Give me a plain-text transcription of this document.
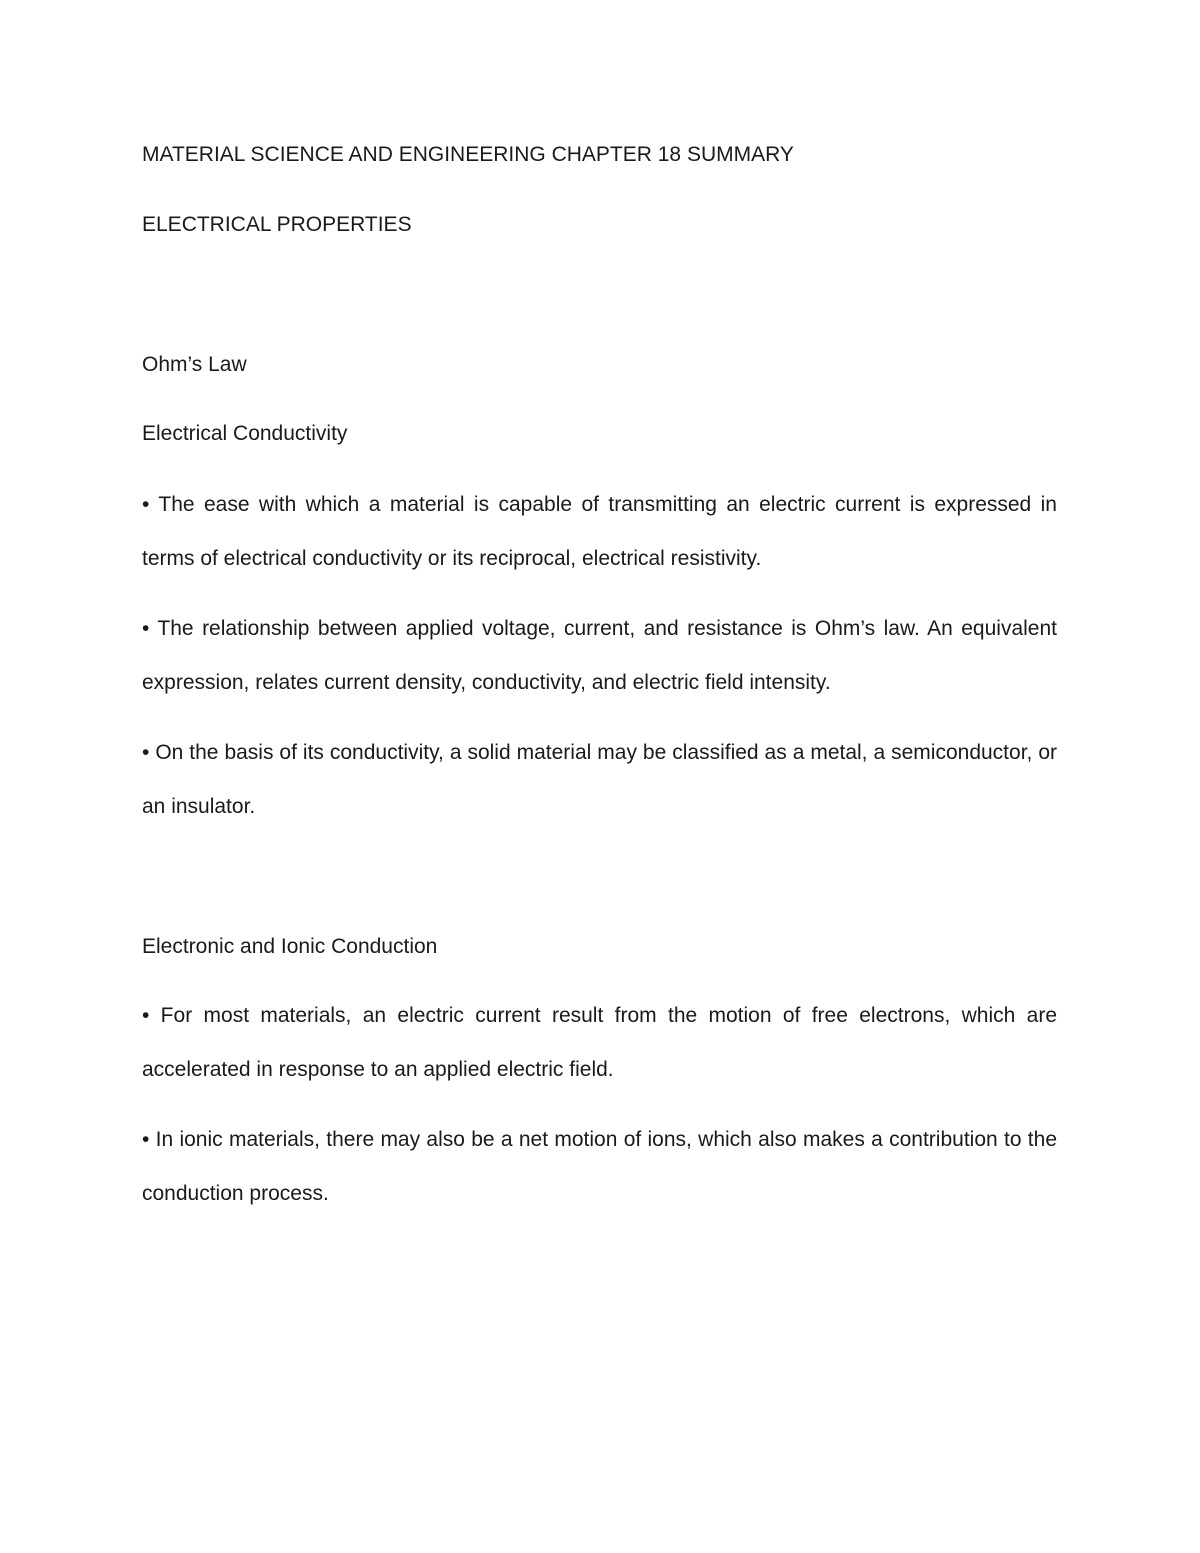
MATERIAL SCIENCE AND ENGINEERING CHAPTER 18 SUMMARY
ELECTRICAL PROPERTIES
Ohm’s Law
Electrical Conductivity

• The ease with which a material is capable of transmitting an electric current is expressed in terms of electrical conductivity or its reciprocal, electrical resistivity.

• The relationship between applied voltage, current, and resistance is Ohm’s law. An equivalent expression, relates current density, conductivity, and electric field intensity.

• On the basis of its conductivity, a solid material may be classified as a metal, a semiconductor, or an insulator.

Electronic and Ionic Conduction

• For most materials, an electric current result from the motion of free electrons, which are accelerated in response to an applied electric field.

• In ionic materials, there may also be a net motion of ions, which also makes a contribution to the conduction process.
